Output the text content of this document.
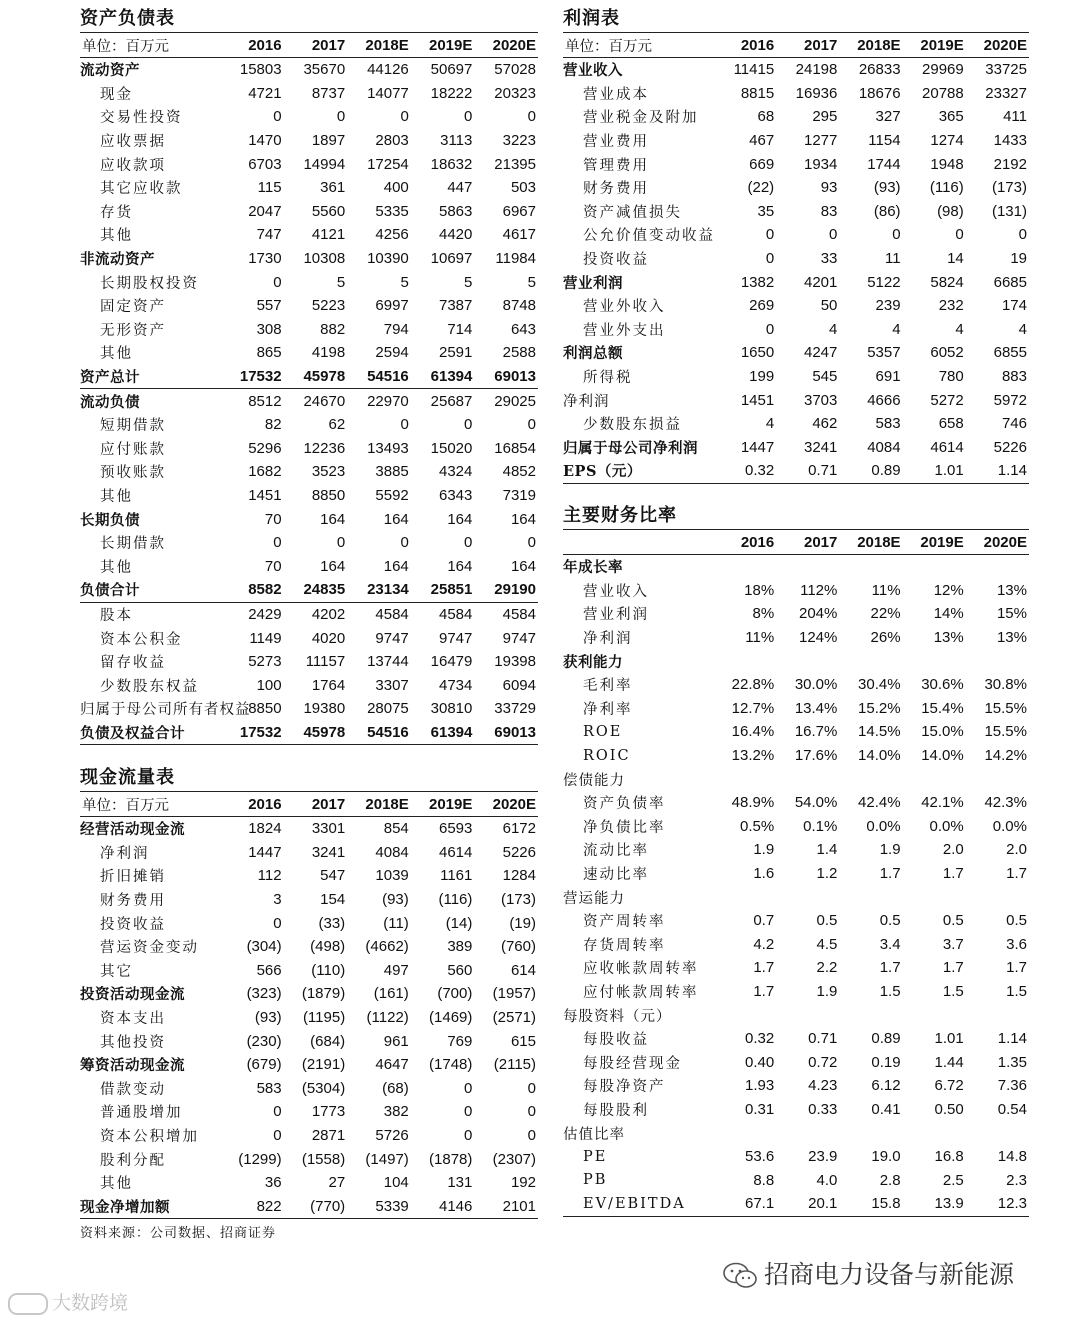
资产负债表
单位：百万元	2016	2017	2018E	2019E	2020E
流动资产	15803	35670	44126	50697	57028
现金	4721	8737	14077	18222	20323
交易性投资	0	0	0	0	0
应收票据	1470	1897	2803	3113	3223
应收款项	6703	14994	17254	18632	21395
其它应收款	115	361	400	447	503
存货	2047	5560	5335	5863	6967
其他	747	4121	4256	4420	4617
非流动资产	1730	10308	10390	10697	11984
长期股权投资	0	5	5	5	5
固定资产	557	5223	6997	7387	8748
无形资产	308	882	794	714	643
其他	865	4198	2594	2591	2588
资产总计	17532	45978	54516	61394	69013
流动负债	8512	24670	22970	25687	29025
短期借款	82	62	0	0	0
应付账款	5296	12236	13493	15020	16854
预收账款	1682	3523	3885	4324	4852
其他	1451	8850	5592	6343	7319
长期负债	70	164	164	164	164
长期借款	0	0	0	0	0
其他	70	164	164	164	164
负债合计	8582	24835	23134	25851	29190
股本	2429	4202	4584	4584	4584
资本公积金	1149	4020	9747	9747	9747
留存收益	5273	11157	13744	16479	19398
少数股东权益	100	1764	3307	4734	6094
归属于母公司所有者权益	8850	19380	28075	30810	33729
负债及权益合计	17532	45978	54516	61394	69013
现金流量表
单位：百万元	2016	2017	2018E	2019E	2020E
经营活动现金流	1824	3301	854	6593	6172
净利润	1447	3241	4084	4614	5226
折旧摊销	112	547	1039	1161	1284
财务费用	3	154	(93)	(116)	(173)
投资收益	0	(33)	(11)	(14)	(19)
营运资金变动	(304)	(498)	(4662)	389	(760)
其它	566	(110)	497	560	614
投资活动现金流	(323)	(1879)	(161)	(700)	(1957)
资本支出	(93)	(1195)	(1122)	(1469)	(2571)
其他投资	(230)	(684)	961	769	615
筹资活动现金流	(679)	(2191)	4647	(1748)	(2115)
借款变动	583	(5304)	(68)	0	0
普通股增加	0	1773	382	0	0
资本公积增加	0	2871	5726	0	0
股利分配	(1299)	(1558)	(1497)	(1878)	(2307)
其他	36	27	104	131	192
现金净增加额	822	(770)	5339	4146	2101
资料来源：公司数据、招商证券
利润表
单位：百万元	2016	2017	2018E	2019E	2020E
营业收入	11415	24198	26833	29969	33725
营业成本	8815	16936	18676	20788	23327
营业税金及附加	68	295	327	365	411
营业费用	467	1277	1154	1274	1433
管理费用	669	1934	1744	1948	2192
财务费用	(22)	93	(93)	(116)	(173)
资产减值损失	35	83	(86)	(98)	(131)
公允价值变动收益	0	0	0	0	0
投资收益	0	33	11	14	19
营业利润	1382	4201	5122	5824	6685
营业外收入	269	50	239	232	174
营业外支出	0	4	4	4	4
利润总额	1650	4247	5357	6052	6855
所得税	199	545	691	780	883
净利润	1451	3703	4666	5272	5972
少数股东损益	4	462	583	658	746
归属于母公司净利润	1447	3241	4084	4614	5226
EPS（元）	0.32	0.71	0.89	1.01	1.14
主要财务比率
	2016	2017	2018E	2019E	2020E
年成长率					
营业收入	18%	112%	11%	12%	13%
营业利润	8%	204%	22%	14%	15%
净利润	11%	124%	26%	13%	13%
获利能力					
毛利率	22.8%	30.0%	30.4%	30.6%	30.8%
净利率	12.7%	13.4%	15.2%	15.4%	15.5%
ROE	16.4%	16.7%	14.5%	15.0%	15.5%
ROIC	13.2%	17.6%	14.0%	14.0%	14.2%
偿债能力					
资产负债率	48.9%	54.0%	42.4%	42.1%	42.3%
净负债比率	0.5%	0.1%	0.0%	0.0%	0.0%
流动比率	1.9	1.4	1.9	2.0	2.0
速动比率	1.6	1.2	1.7	1.7	1.7
营运能力					
资产周转率	0.7	0.5	0.5	0.5	0.5
存货周转率	4.2	4.5	3.4	3.7	3.6
应收帐款周转率	1.7	2.2	1.7	1.7	1.7
应付帐款周转率	1.7	1.9	1.5	1.5	1.5
每股资料（元）					
每股收益	0.32	0.71	0.89	1.01	1.14
每股经营现金	0.40	0.72	0.19	1.44	1.35
每股净资产	1.93	4.23	6.12	6.72	7.36
每股股利	0.31	0.33	0.41	0.50	0.54
估值比率					
PE	53.6	23.9	19.0	16.8	14.8
PB	8.8	4.0	2.8	2.5	2.3
EV/EBITDA	67.1	20.1	15.8	13.9	12.3
招商电力设备与新能源
大数跨境
